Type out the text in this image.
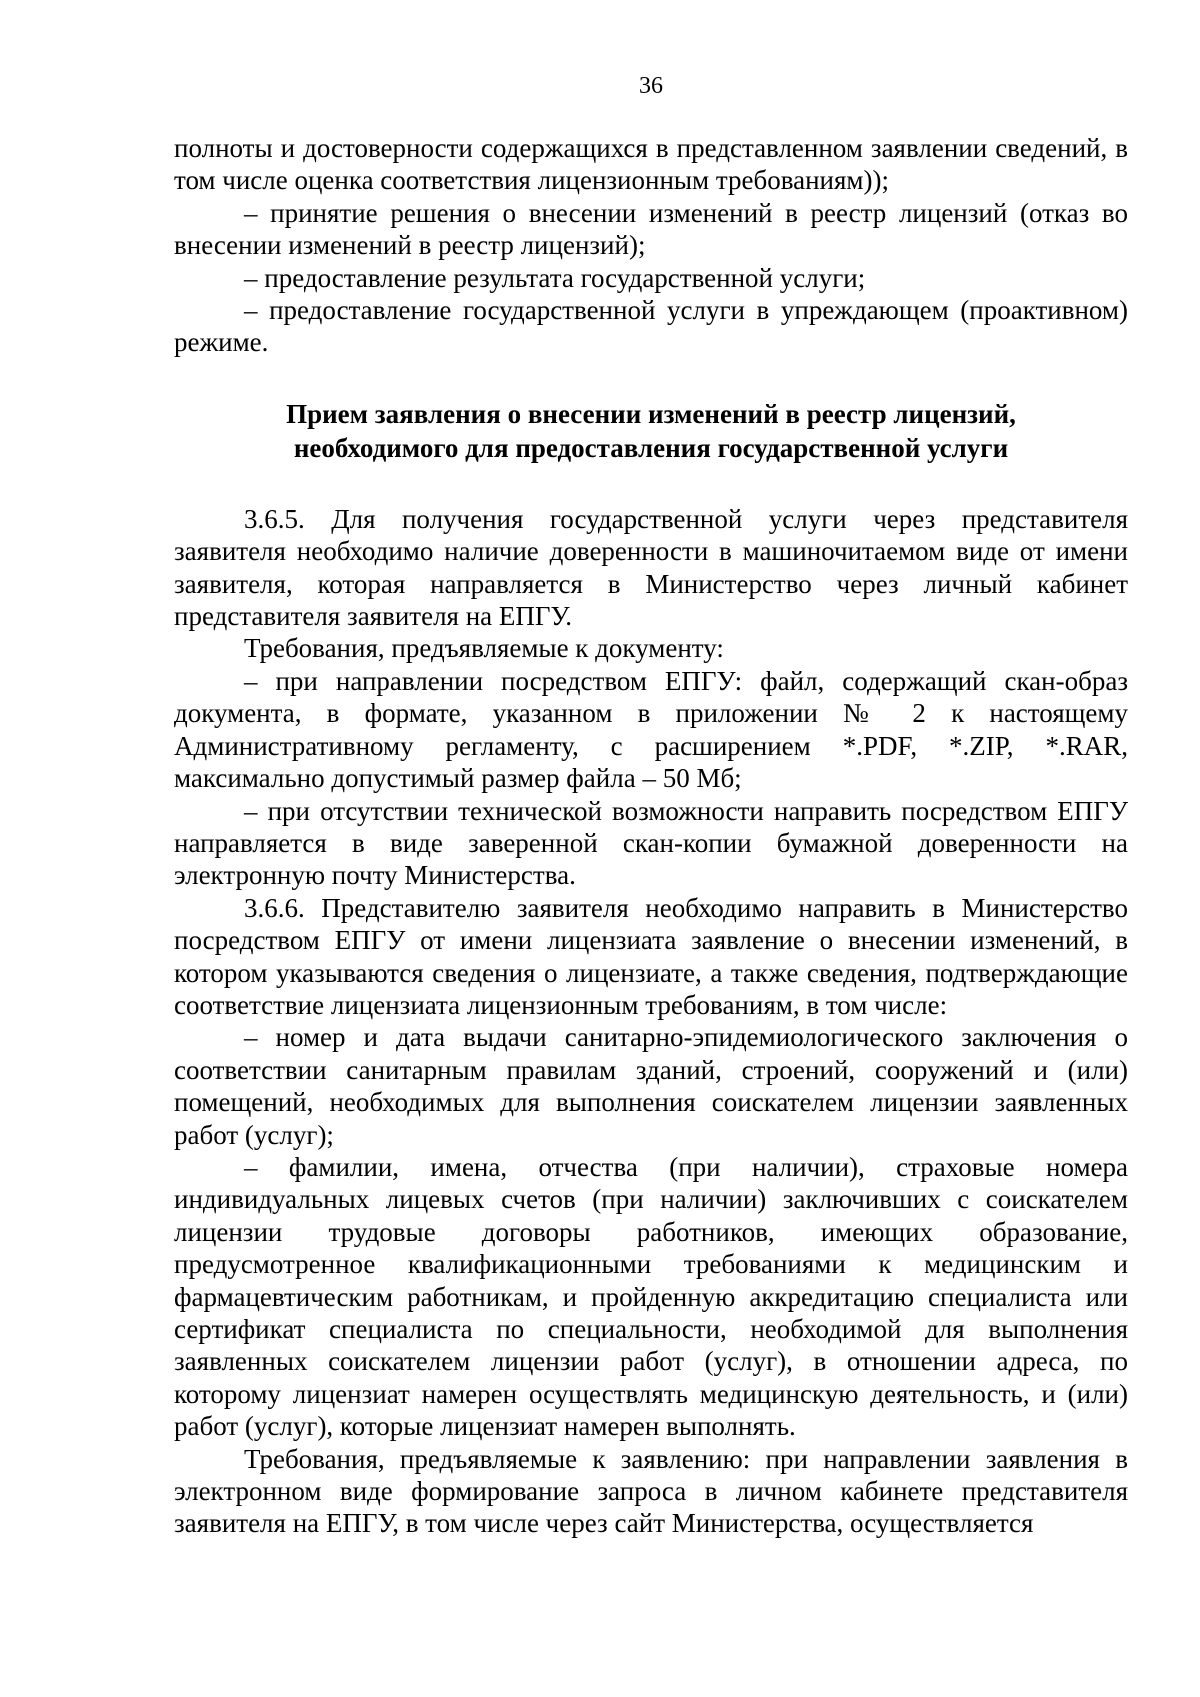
36

полноты и достоверности содержащихся в представленном заявлении сведений, в том числе оценка соответствия лицензионным требованиям));

– принятие решения о внесении изменений в реестр лицензий (отказ во внесении изменений в реестр лицензий);

– предоставление результата государственной услуги;

– предоставление государственной услуги в упреждающем (проактивном) режиме.

Прием заявления о внесении изменений в реестр лицензий,
необходимого для предоставления государственной услуги

3.6.5. Для получения государственной услуги через представителя заявителя необходимо наличие доверенности в машиночитаемом виде от имени заявителя, которая направляется в Министерство через личный кабинет представителя заявителя на ЕПГУ.

Требования, предъявляемые к документу:

– при направлении посредством ЕПГУ: файл, содержащий скан-образ документа, в формате, указанном в приложении № 2 к настоящему Административному регламенту, с расширением *.PDF, *.ZIP, *.RAR, максимально допустимый размер файла – 50 Мб;

– при отсутствии технической возможности направить посредством ЕПГУ направляется в виде заверенной скан-копии бумажной доверенности на электронную почту Министерства.

3.6.6. Представителю заявителя необходимо направить в Министерство посредством ЕПГУ от имени лицензиата заявление о внесении изменений, в котором указываются сведения о лицензиате, а также сведения, подтверждающие соответствие лицензиата лицензионным требованиям, в том числе:

– номер и дата выдачи санитарно-эпидемиологического заключения о соответствии санитарным правилам зданий, строений, сооружений и (или) помещений, необходимых для выполнения соискателем лицензии заявленных работ (услуг);

– фамилии, имена, отчества (при наличии), страховые номера индивидуальных лицевых счетов (при наличии) заключивших с соискателем лицензии трудовые договоры работников, имеющих образование, предусмотренное квалификационными требованиями к медицинским и фармацевтическим работникам, и пройденную аккредитацию специалиста или сертификат специалиста по специальности, необходимой для выполнения заявленных соискателем лицензии работ (услуг), в отношении адреса, по которому лицензиат намерен осуществлять медицинскую деятельность, и (или) работ (услуг), которые лицензиат намерен выполнять.

Требования, предъявляемые к заявлению: при направлении заявления в электронном виде формирование запроса в личном кабинете представителя заявителя на ЕПГУ, в том числе через сайт Министерства, осуществляется
